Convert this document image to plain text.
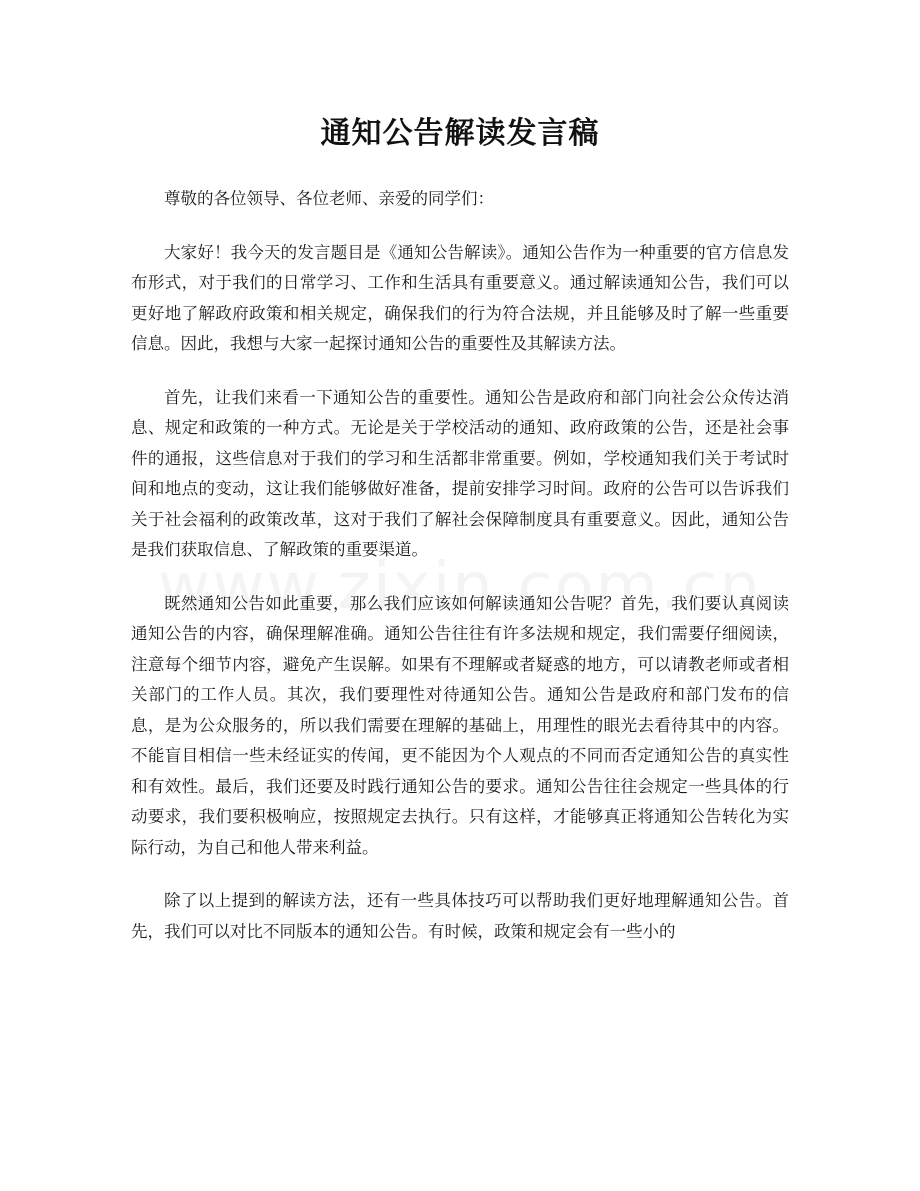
通知公告解读发言稿

尊敬的各位领导、各位老师、亲爱的同学们：

大家好！我今天的发言题目是《通知公告解读》。通知公告作为一种重要的官方信息发布形式，对于我们的日常学习、工作和生活具有重要意义。通过解读通知公告，我们可以更好地了解政府政策和相关规定，确保我们的行为符合法规，并且能够及时了解一些重要信息。因此，我想与大家一起探讨通知公告的重要性及其解读方法。

首先，让我们来看一下通知公告的重要性。通知公告是政府和部门向社会公众传达消息、规定和政策的一种方式。无论是关于学校活动的通知、政府政策的公告，还是社会事件的通报，这些信息对于我们的学习和生活都非常重要。例如，学校通知我们关于考试时间和地点的变动，这让我们能够做好准备，提前安排学习时间。政府的公告可以告诉我们关于社会福利的政策改革，这对于我们了解社会保障制度具有重要意义。因此，通知公告是我们获取信息、了解政策的重要渠道。

既然通知公告如此重要，那么我们应该如何解读通知公告呢？首先，我们要认真阅读通知公告的内容，确保理解准确。通知公告往往有许多法规和规定，我们需要仔细阅读，注意每个细节内容，避免产生误解。如果有不理解或者疑惑的地方，可以请教老师或者相关部门的工作人员。其次，我们要理性对待通知公告。通知公告是政府和部门发布的信息，是为公众服务的，所以我们需要在理解的基础上，用理性的眼光去看待其中的内容。不能盲目相信一些未经证实的传闻，更不能因为个人观点的不同而否定通知公告的真实性和有效性。最后，我们还要及时践行通知公告的要求。通知公告往往会规定一些具体的行动要求，我们要积极响应，按照规定去执行。只有这样，才能够真正将通知公告转化为实际行动，为自己和他人带来利益。

除了以上提到的解读方法，还有一些具体技巧可以帮助我们更好地理解通知公告。首先，我们可以对比不同版本的通知公告。有时候，政策和规定会有一些小的
